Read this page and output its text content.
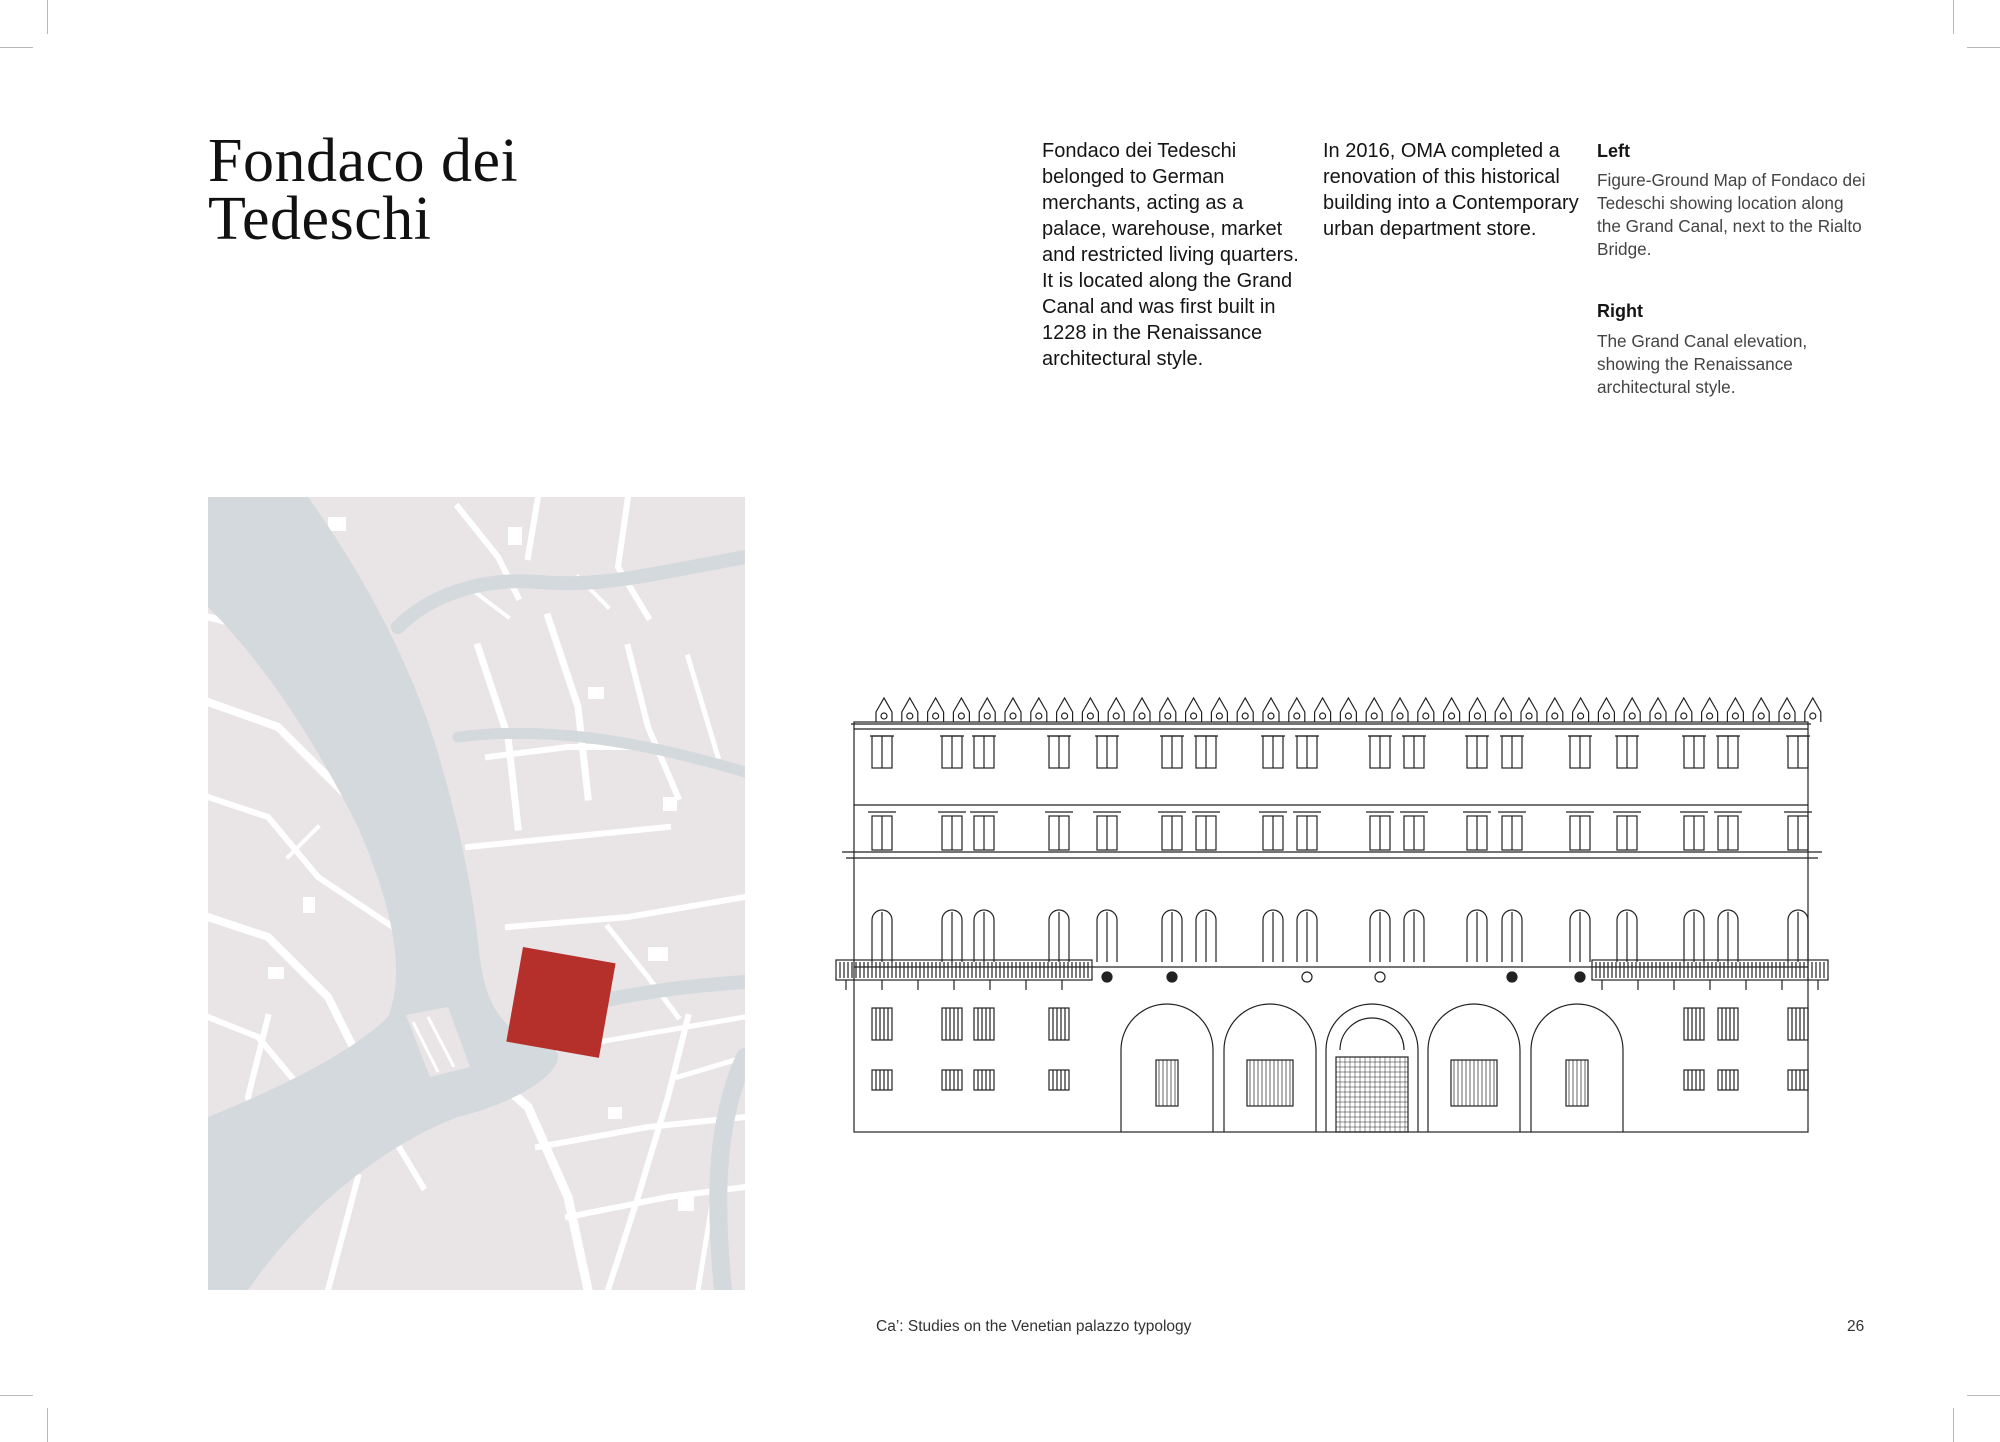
Fondaco dei
Tedeschi

Fondaco dei Tedeschi belonged to German merchants, acting as a palace, warehouse, market and restricted living quarters. It is located along the Grand Canal and was first built in 1228 in the Renaissance architectural style.

In 2016, OMA completed a renovation of this historical building into a Contemporary urban department store.

Left

Figure-Ground Map of Fondaco dei Tedeschi showing location along the Grand Canal, next to the Rialto Bridge.

Right

The Grand Canal elevation, showing the Renaissance architectural style.

Ca’: Studies on the Venetian palazzo typology	26
